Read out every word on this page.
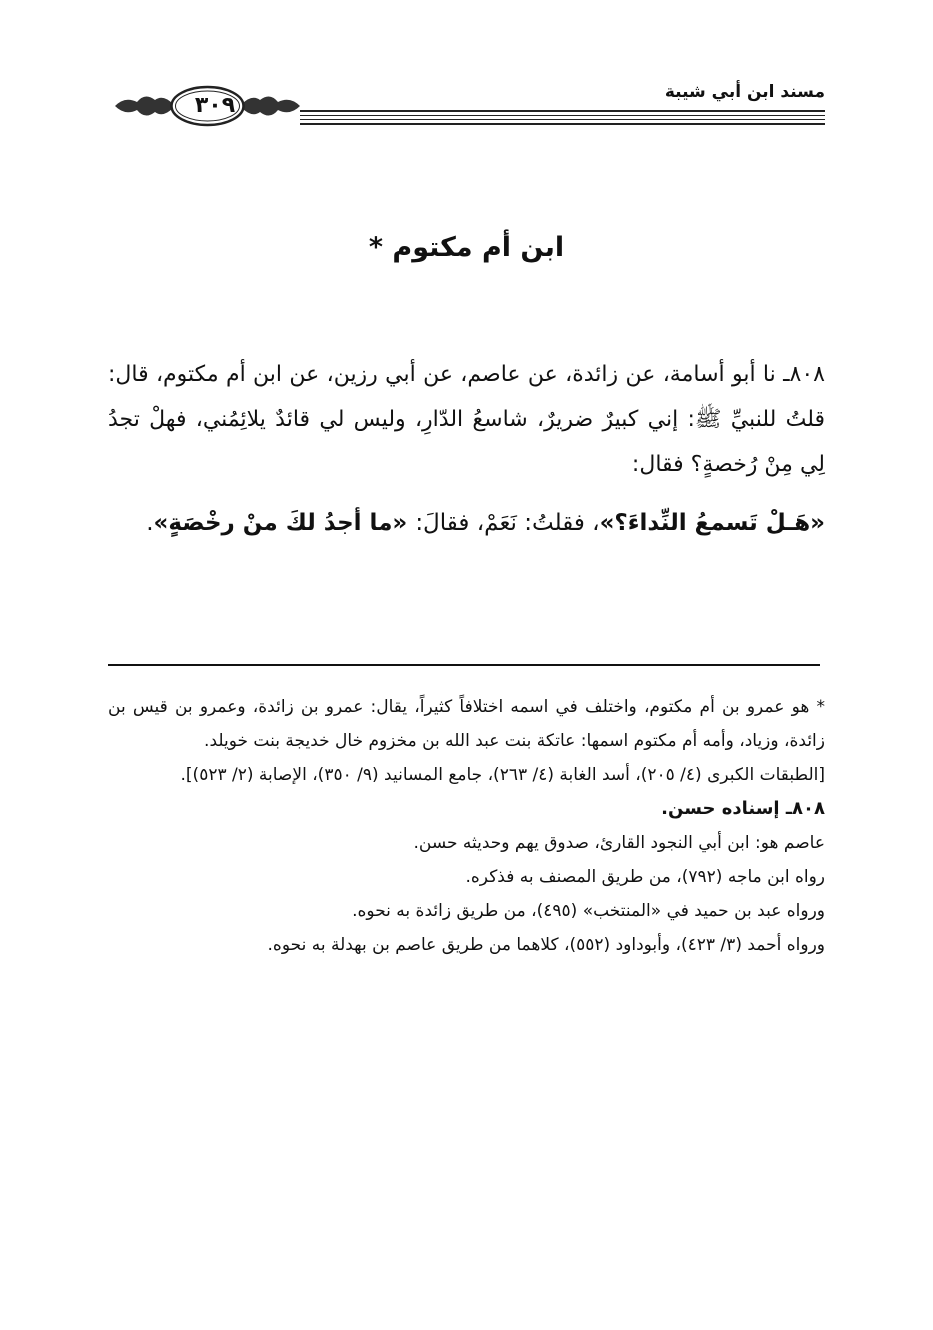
مسند ابن أبي شيبة
٣٠٩
ابن أم مكتوم *

٨٠٨ـ نا أبو أسامة، عن زائدة، عن عاصم، عن أبي رزين، عن ابن أم مكتوم، قال: قلتُ للنبيِّ ﷺ: إني كبيرٌ ضريرٌ، شاسعُ الدّارِ، وليس لي قائدٌ يلائِمُني، فهلْ تجدُ لِي مِنْ رُخصةٍ؟ فقال:

«هَـلْ تَسمعُ النِّداءَ؟»، فقلتُ: نَعَمْ، فقالَ: «ما أجدُ لكَ منْ رخْصَةٍ».

* هو عمرو بن أم مكتوم، واختلف في اسمه اختلافاً كثيراً، يقال: عمرو بن زائدة، وعمرو بن قيس بن زائدة، وزياد، وأمه أم مكتوم اسمها: عاتكة بنت عبد الله بن مخزوم خال خديجة بنت خويلد.

[الطبقات الكبرى (٤/ ٢٠٥)، أسد الغابة (٤/ ٢٦٣)، جامع المسانيد (٩/ ٣٥٠)، الإصابة (٢/ ٥٢٣)].

٨٠٨ـ إسناده حسن.

عاصم هو: ابن أبي النجود القارئ، صدوق يهم وحديثه حسن.

رواه ابن ماجه (٧٩٢)، من طريق المصنف به فذكره.

ورواه عبد بن حميد في «المنتخب» (٤٩٥)، من طريق زائدة به نحوه.

ورواه أحمد (٣/ ٤٢٣)، وأبوداود (٥٥٢)، كلاهما من طريق عاصم بن بهدلة به نحوه.
